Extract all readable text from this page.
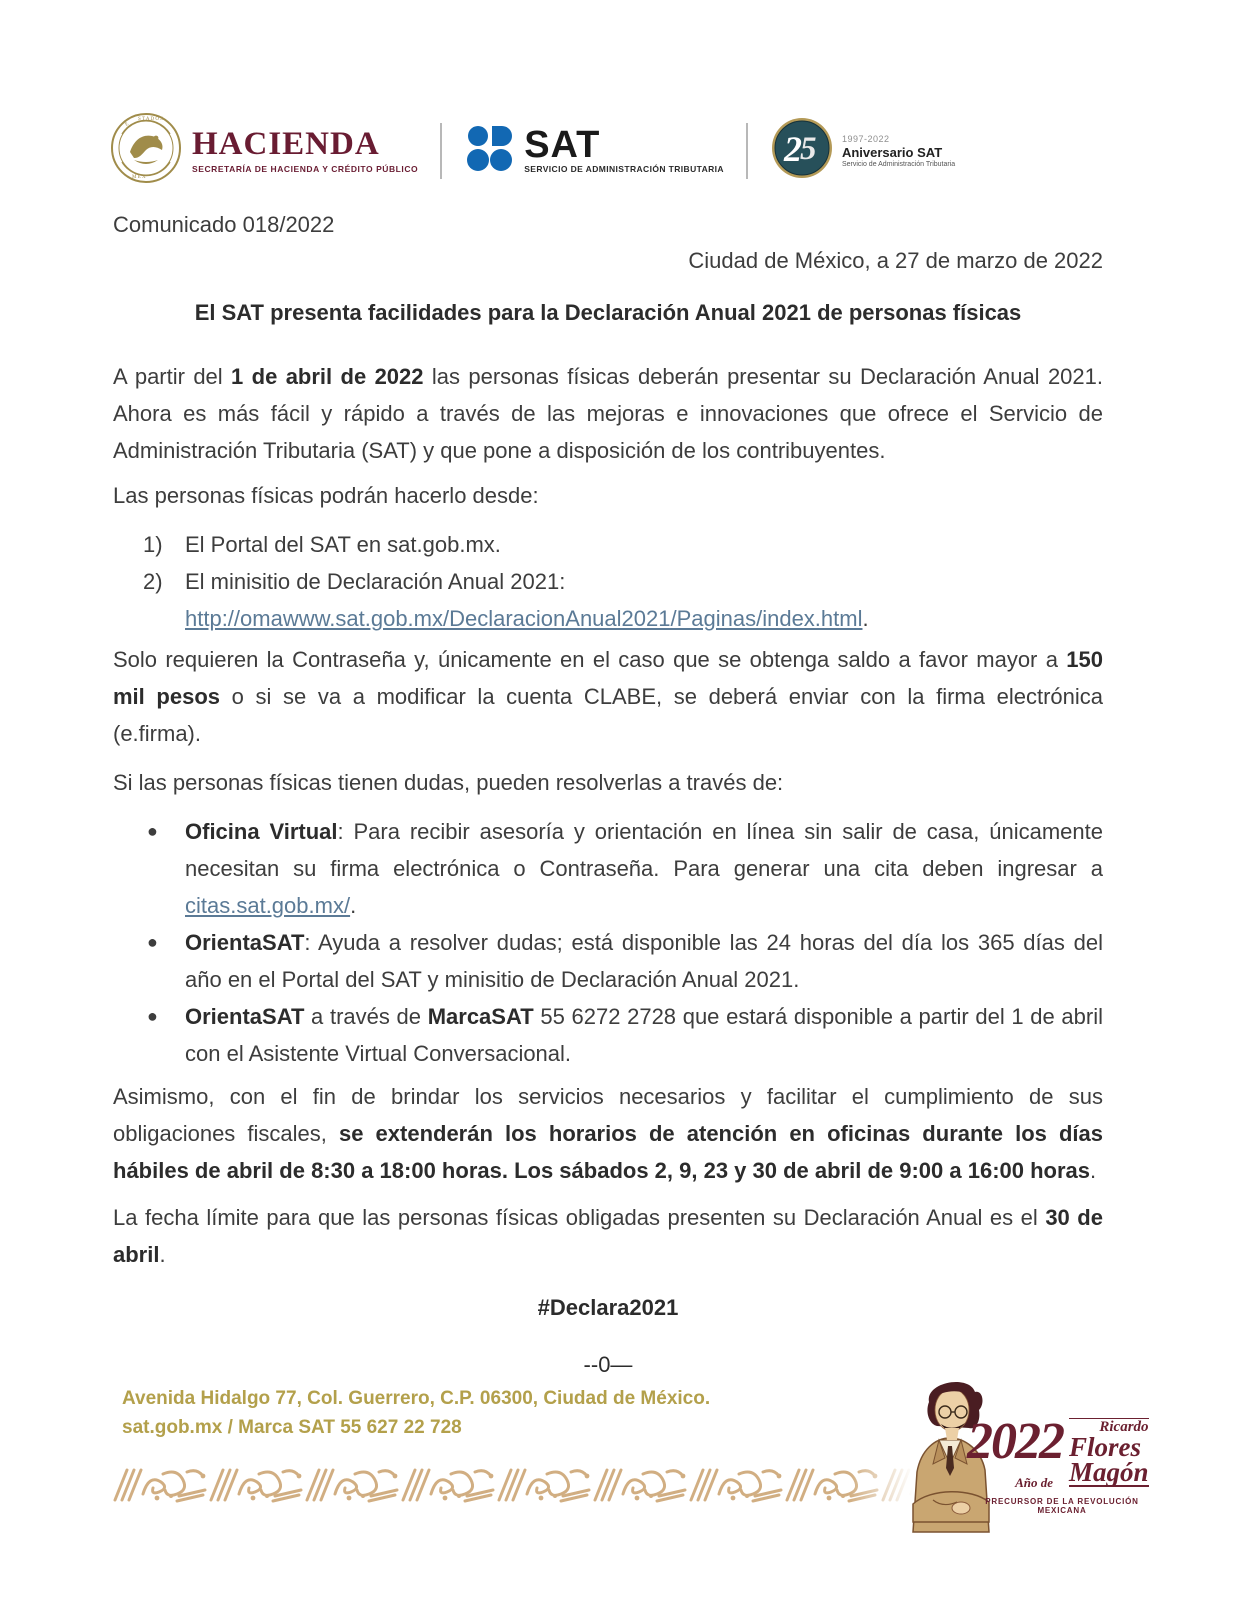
E
S T A D O S
M E X
HACIENDA
SECRETARÍA DE HACIENDA Y CRÉDITO PÚBLICO
SAT
SERVICIO DE ADMINISTRACIÓN TRIBUTARIA 2
5	1997-2022
Aniversario SAT
Servicio de Administración Tributaria
Comunicado 018/2022
Ciudad de México, a 27 de marzo de 2022
El SAT presenta facilidades para la Declaración Anual 2021 de personas físicas

A partir del 1 de abril de 2022 las personas físicas deberán presentar su Declaración Anual 2021. Ahora es más fácil y rápido a través de las mejoras e innovaciones que ofrece el Servicio de Administración Tributaria (SAT) y que pone a disposición de los contribuyentes.

Las personas físicas podrán hacerlo desde:

1)	El Portal del SAT en sat.gob.mx.
2)	El minisitio de Declaración Anual 2021:
http://omawww.sat.gob.mx/DeclaracionAnual2021/Paginas/index.html.

Solo requieren la Contraseña y, únicamente en el caso que se obtenga saldo a favor mayor a 150 mil pesos o si se va a modificar la cuenta CLABE, se deberá enviar con la firma electrónica (e.firma).

Si las personas físicas tienen dudas, pueden resolverlas a través de:

●	Oficina Virtual: Para recibir asesoría y orientación en línea sin salir de casa, únicamente necesitan su firma electrónica o Contraseña. Para generar una cita deben ingresar a citas.sat.gob.mx/.
●	OrientaSAT: Ayuda a resolver dudas; está disponible las 24 horas del día los 365 días del año en el Portal del SAT y minisitio de Declaración Anual 2021.
●	OrientaSAT a través de MarcaSAT 55 6272 2728 que estará disponible a partir del 1 de abril con el Asistente Virtual Conversacional.

Asimismo, con el fin de brindar los servicios necesarios y facilitar el cumplimiento de sus obligaciones fiscales, se extenderán los horarios de atención en oficinas durante los días hábiles de abril de 8:30 a 18:00 horas. Los sábados 2, 9, 23 y 30 de abril de 9:00 a 16:00 horas.

La fecha límite para que las personas físicas obligadas presenten su Declaración Anual es el 30 de abril.

#Declara2021
--0—
Avenida Hidalgo 77, Col. Guerrero, C.P. 06300, Ciudad de México.
sat.gob.mx / Marca SAT 55 627 22 728	2022 Ricardo
Flores
Magón
Año de
PRECURSOR DE LA REVOLUCIÓN MEXICANA
